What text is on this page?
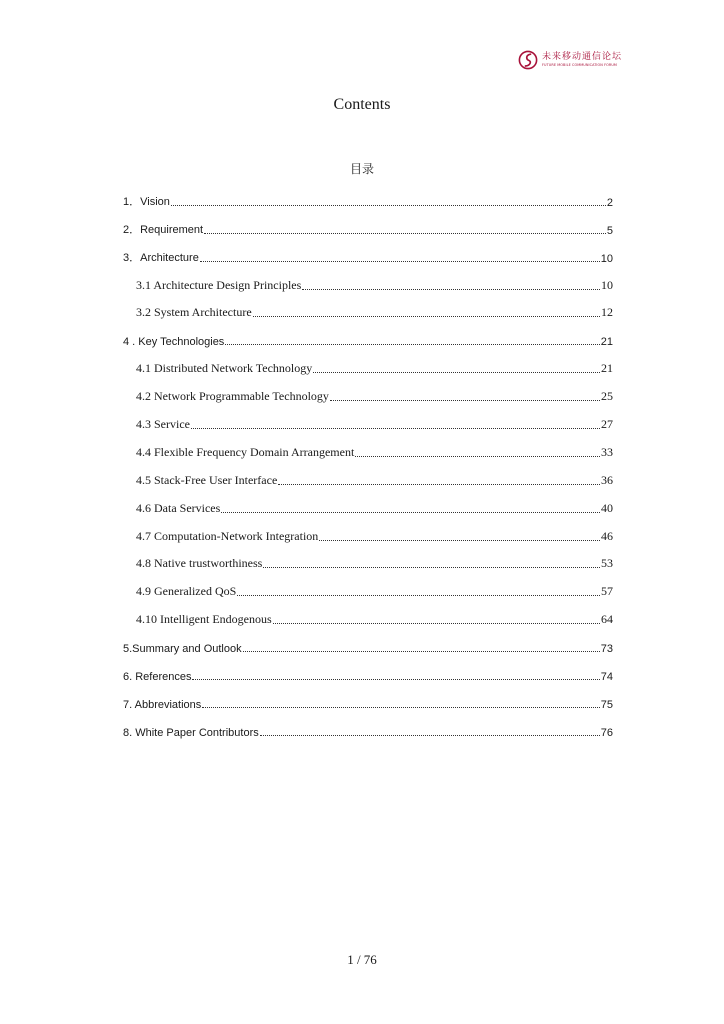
未来移动通信论坛
FUTURE MOBILE COMMUNICATION FORUM
Contents
目录
1．Vision	2
2．Requirement	5
3．Architecture	10
3.1 Architecture Design Principles	10
3.2 System Architecture	12
4 . Key Technologies	21
4.1 Distributed Network Technology	21
4.2 Network Programmable Technology	25
4.3 Service	27
4.4 Flexible Frequency Domain Arrangement	33
4.5 Stack-Free User Interface	36
4.6 Data Services	40
4.7 Computation-Network Integration	46
4.8 Native trustworthiness	53
4.9 Generalized QoS	57
4.10 Intelligent Endogenous	64
5.Summary and Outlook	73
6. References	74
7. Abbreviations	75
8. White Paper Contributors	76
1 / 76
